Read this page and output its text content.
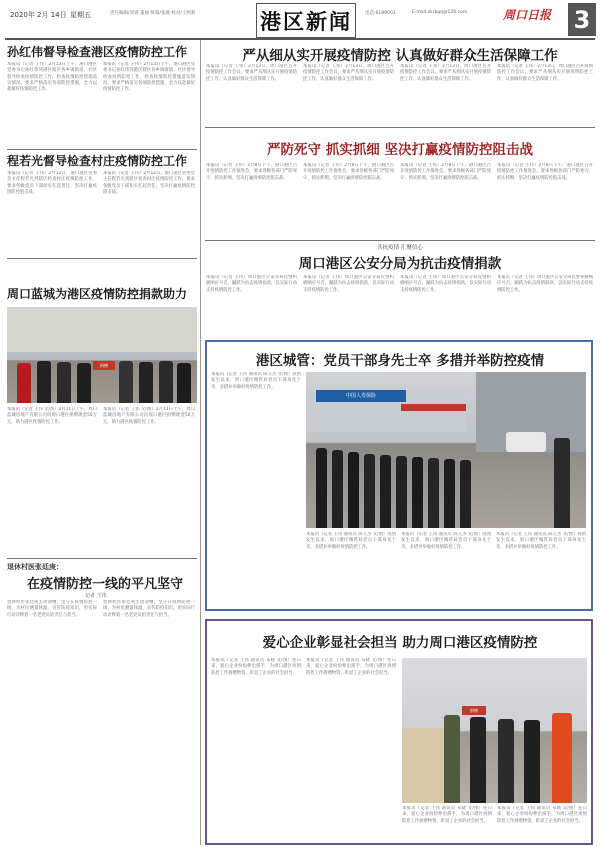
2020年 2月 14日 星期五	责任编辑/刘睿 董丽 统筹/张静 校对/王照莉	港区新闻	电话:6199003	E-mail:zkrbgq@126.com	周口日报 3
孙红伟督导检查港区疫情防控工作
本报讯（记者 王伟）2月13日上午，港口港区党委书记孙红伟到港区辖区各乡镇街道、社区督导检查疫情防控工作，检查疫情防控措施落实情况，要求严格落实各项防控措施，全力以赴做好疫情防控工作。
本报讯（记者 王伟）2月13日上午，港口港区党委书记孙红伟到港区辖区各乡镇街道、社区督导检查疫情防控工作，检查疫情防控措施落实情况，要求严格落实各项防控措施，全力以赴做好疫情防控工作。
程若光督导检查村庄疫情防控工作
本报讯（记者 王伟）2月12日，港口港区管委会主任程若光到辖区检查村庄疫情防控工作，要求各级党员干部切实扛起责任，坚决打赢疫情防控阻击战。
本报讯（记者 王伟）2月12日，港口港区管委会主任程若光到辖区检查村庄疫情防控工作，要求各级党员干部切实扛起责任，坚决打赢疫情防控阻击战。
周口蓝城为港区疫情防控捐款助力
捐赠
本报讯（记者 王伟 文/图）2月11日上午，周口蓝城房地产有限公司向周口港区捐赠现金50万元，助力港区疫情防控工作。
本报讯（记者 王伟 文/图）2月11日上午，周口蓝城房地产有限公司向周口港区捐赠现金50万元，助力港区疫情防控工作。
退休村医张廷庚：
在疫情防控一线的平凡坚守
记者 王伟
退休村医张廷庚主动请缨，坚守在疫情防控一线，为村民测量体温、宣传防疫知识，用实际行动诠释着一名老党员的责任与担当。
退休村医张廷庚主动请缨，坚守在疫情防控一线，为村民测量体温、宣传防疫知识，用实际行动诠释着一名老党员的责任与担当。
严从细从实开展疫情防控 认真做好群众生活保障工作
本报讯（记者 王伟）2月13日，周口港区召开疫情防控工作会议，要求严从细从实开展疫情防控工作，认真做好群众生活保障工作。
本报讯（记者 王伟）2月13日，周口港区召开疫情防控工作会议，要求严从细从实开展疫情防控工作，认真做好群众生活保障工作。
本报讯（记者 王伟）2月13日，周口港区召开疫情防控工作会议，要求严从细从实开展疫情防控工作，认真做好群众生活保障工作。
本报讯（记者 王伟）2月13日，周口港区召开疫情防控工作会议，要求严从细从实开展疫情防控工作，认真做好群众生活保障工作。
严防死守 抓实抓细 坚决打赢疫情防控阻击战
本报讯（记者 王伟）2月8日下午，港口港区召开疫情防控工作推进会，要求各级各部门严防死守、抓实抓细，坚决打赢疫情防控阻击战。
本报讯（记者 王伟）2月8日下午，港口港区召开疫情防控工作推进会，要求各级各部门严防死守、抓实抓细，坚决打赢疫情防控阻击战。
本报讯（记者 王伟）2月8日下午，港口港区召开疫情防控工作推进会，要求各级各部门严防死守、抓实抓细，坚决打赢疫情防控阻击战。
本报讯（记者 王伟）2月8日下午，港口港区召开疫情防控工作推进会，要求各级各部门严防死守、抓实抓细，坚决打赢疫情防控阻击战。
共抗疫情 汇聚信心
周口港区公安分局为抗击疫情捐款
本报讯（记者 王伟）周口港区公安分局民警积极响应号召，踊跃为抗击疫情捐款，以实际行动支持疫情防控工作。
本报讯（记者 王伟）周口港区公安分局民警积极响应号召，踊跃为抗击疫情捐款，以实际行动支持疫情防控工作。
本报讯（记者 王伟）周口港区公安分局民警积极响应号召，踊跃为抗击疫情捐款，以实际行动支持疫情防控工作。
本报讯（记者 王伟）周口港区公安分局民警积极响应号召，踊跃为抗击疫情捐款，以实际行动支持疫情防控工作。
港区城管：党员干部身先士卒 多措并举防控疫情
本报讯（记者 王伟 通讯员 陈立杰 文/图）疫情发生以来，周口港区城管局党员干部身先士卒，多措并举做好疫情防控工作。
中国人寿保险
本报讯（记者 王伟 通讯员 陈立杰 文/图）疫情发生以来，周口港区城管局党员干部身先士卒，多措并举做好疫情防控工作。
本报讯（记者 王伟 通讯员 陈立杰 文/图）疫情发生以来，周口港区城管局党员干部身先士卒，多措并举做好疫情防控工作。
本报讯（记者 王伟 通讯员 陈立杰 文/图）疫情发生以来，周口港区城管局党员干部身先士卒，多措并举做好疫情防控工作。
爱心企业彰显社会担当 助力周口港区疫情防控
本报讯（记者 王伟 通讯员 布晓 文/图）连日来，爱心企业纷纷伸出援手，为周口港区疫情防控工作捐赠物资，彰显了企业的社会担当。
本报讯（记者 王伟 通讯员 布晓 文/图）连日来，爱心企业纷纷伸出援手，为周口港区疫情防控工作捐赠物资，彰显了企业的社会担当。
捐赠
本报讯（记者 王伟 通讯员 布晓 文/图）连日来，爱心企业纷纷伸出援手，为周口港区疫情防控工作捐赠物资，彰显了企业的社会担当。
本报讯（记者 王伟 通讯员 布晓 文/图）连日来，爱心企业纷纷伸出援手，为周口港区疫情防控工作捐赠物资，彰显了企业的社会担当。
